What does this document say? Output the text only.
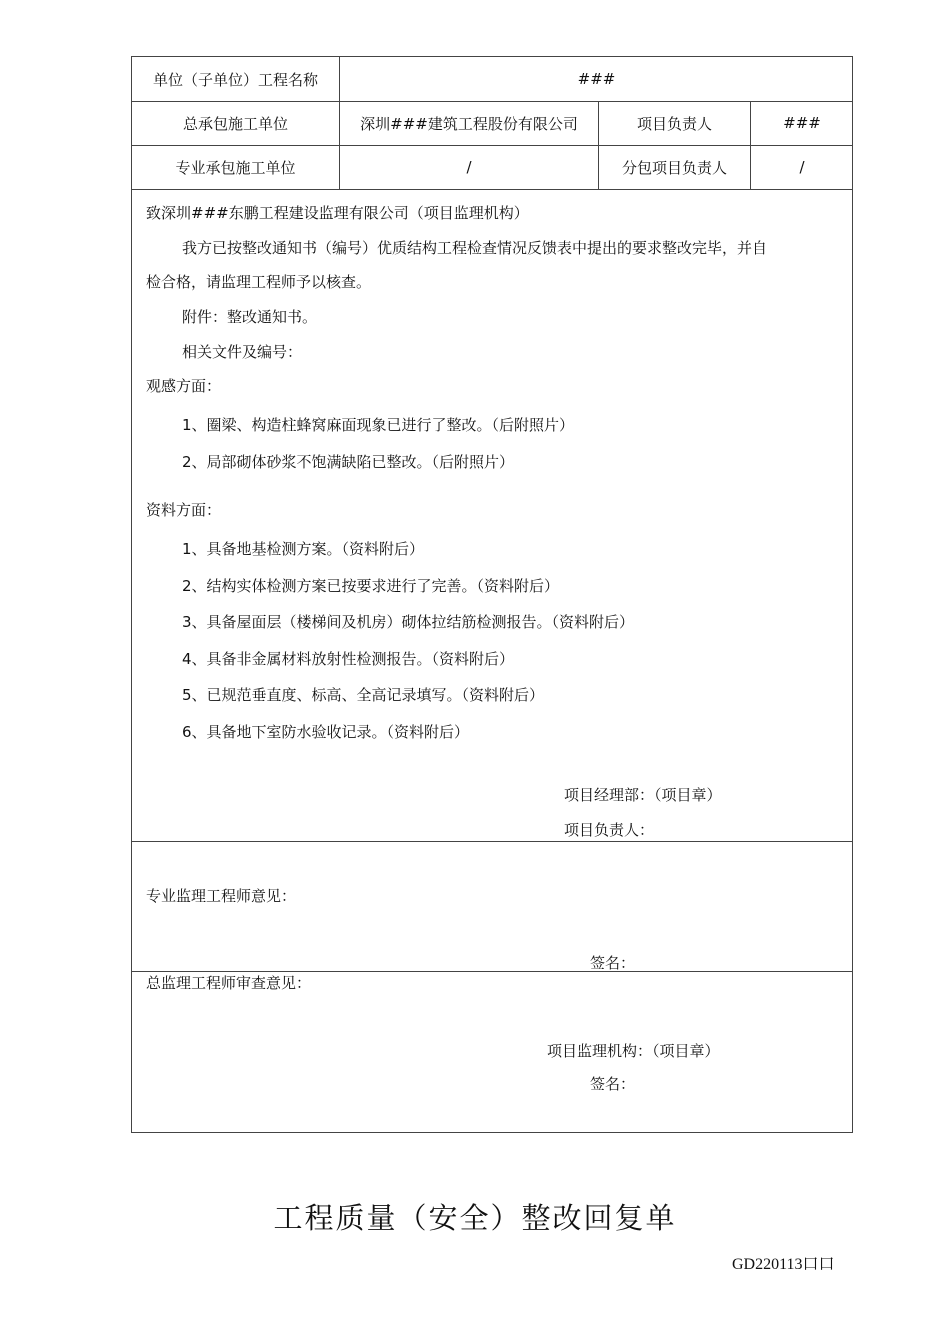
单位（子单位）工程名称	###
总承包施工单位	深圳###建筑工程股份有限公司	项目负责人	###
专业承包施工单位	/	分包项目负责人	/
致深圳###东鹏工程建设监理有限公司（项目监理机构）
我方已按整改通知书（编号）优质结构工程检查情况反馈表中提出的要求整改完毕，并自
检合格，请监理工程师予以核查。
附件：整改通知书。
相关文件及编号：
观感方面：
1、圈梁、构造柱蜂窝麻面现象已进行了整改。（后附照片）
2、局部砌体砂浆不饱满缺陷已整改。（后附照片）
资料方面：
1、具备地基检测方案。（资料附后）
2、结构实体检测方案已按要求进行了完善。（资料附后）
3、具备屋面层（楼梯间及机房）砌体拉结筋检测报告。（资料附后）
4、具备非金属材料放射性检测报告。（资料附后）
5、已规范垂直度、标高、全高记录填写。（资料附后）
6、具备地下室防水验收记录。（资料附后）
项目经理部：（项目章）
项目负责人：
专业监理工程师意见：
签名：
总监理工程师审查意见：
项目监理机构：（项目章）
签名：
工程质量（安全）整改回复单
GD220113口口
